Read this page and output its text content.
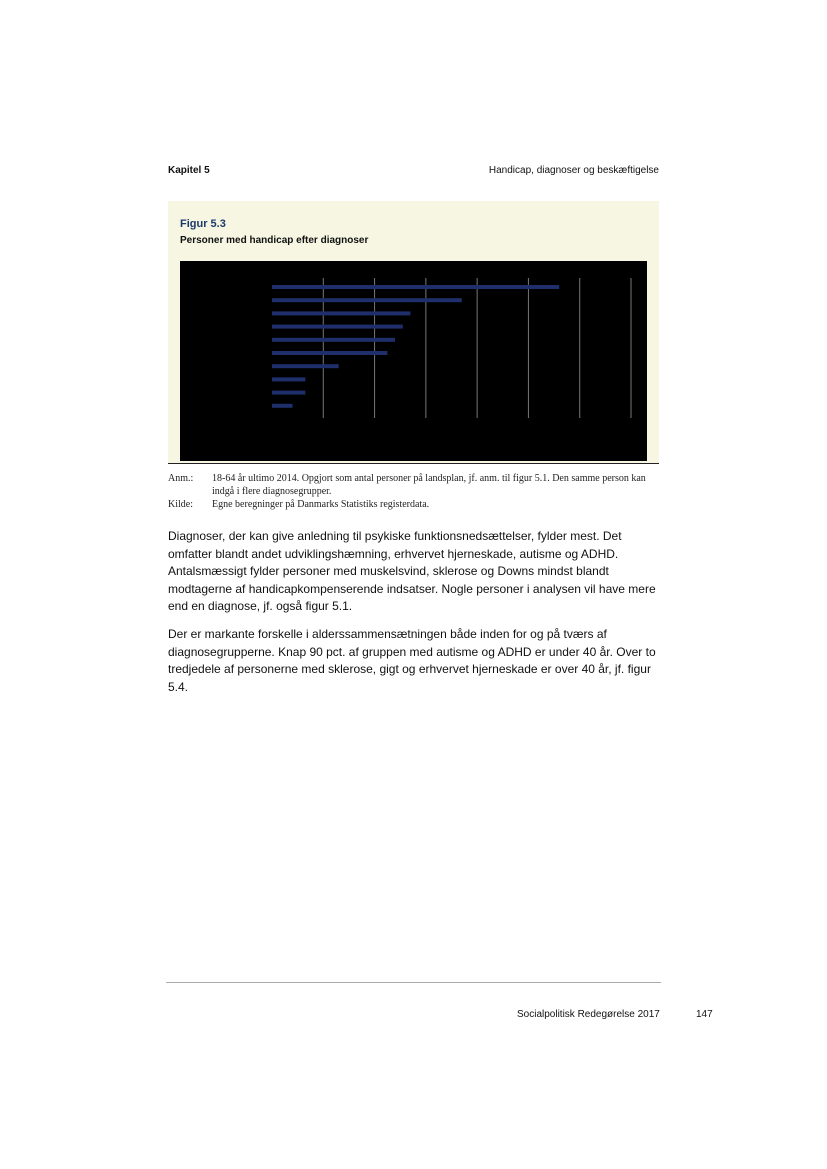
Kapitel 5	Handicap, diagnoser og beskæftigelse
Figur 5.3
Personer med handicap efter diagnoser
Anm.:	18-64 år ultimo 2014. Opgjort som antal personer på landsplan, jf. anm. til figur 5.1. Den samme person kan indgå i flere diagnosegrupper.
Kilde:	Egne beregninger på Danmarks Statistiks registerdata.

Diagnoser, der kan give anledning til psykiske funktionsnedsættelser, fylder mest. Det omfatter blandt andet udviklingshæmning, erhvervet hjerneskade, autisme og ADHD. Antalsmæssigt fylder personer med muskelsvind, sklerose og Downs mindst blandt modtagerne af handicapkompenserende indsatser. Nogle personer i analysen vil have mere end en diagnose, jf. også figur 5.1.

Der er markante forskelle i alderssammensætningen både inden for og på tværs af diagnosegrupperne. Knap 90 pct. af gruppen med autisme og ADHD er under 40 år. Over to tredjedele af personerne med sklerose, gigt og erhvervet hjerneskade er over 40 år, jf. figur 5.4.

Socialpolitisk Redegørelse 2017	147
